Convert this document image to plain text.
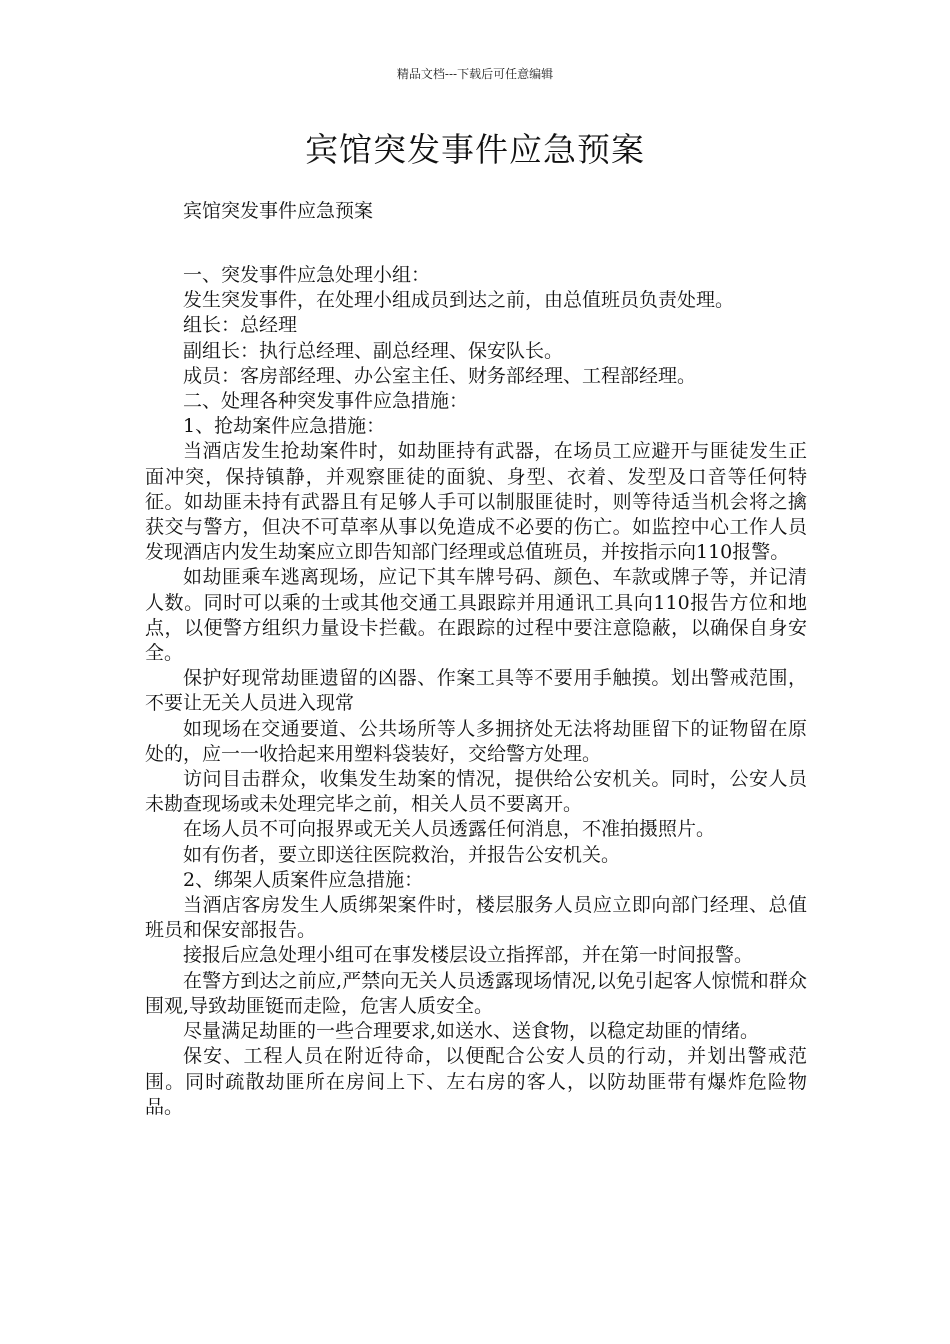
精品文档---下载后可任意编辑
宾馆突发事件应急预案

宾馆突发事件应急预案

一、突发事件应急处理小组：

发生突发事件，在处理小组成员到达之前，由总值班员负责处理。

组长：总经理

副组长：执行总经理、副总经理、保安队长。

成员：客房部经理、办公室主任、财务部经理、工程部经理。

二、处理各种突发事件应急措施：

1、抢劫案件应急措施：

当酒店发生抢劫案件时，如劫匪持有武器，在场员工应避开与匪徒发生正面冲突，保持镇静，并观察匪徒的面貌、身型、衣着、发型及口音等任何特征。如劫匪未持有武器且有足够人手可以制服匪徒时，则等待适当机会将之擒获交与警方，但决不可草率从事以免造成不必要的伤亡。如监控中心工作人员发现酒店内发生劫案应立即告知部门经理或总值班员，并按指示向110报警。

如劫匪乘车逃离现场，应记下其车牌号码、颜色、车款或牌子等，并记清人数。同时可以乘的士或其他交通工具跟踪并用通讯工具向110报告方位和地点，以便警方组织力量设卡拦截。在跟踪的过程中要注意隐蔽，以确保自身安全。

保护好现常劫匪遗留的凶器、作案工具等不要用手触摸。划出警戒范围，不要让无关人员进入现常

如现场在交通要道、公共场所等人多拥挤处无法将劫匪留下的证物留在原处的，应一一收拾起来用塑料袋装好，交给警方处理。

访问目击群众，收集发生劫案的情况，提供给公安机关。同时，公安人员未勘查现场或未处理完毕之前，相关人员不要离开。

在场人员不可向报界或无关人员透露任何消息，不准拍摄照片。

如有伤者，要立即送往医院救治，并报告公安机关。

2、绑架人质案件应急措施：

当酒店客房发生人质绑架案件时，楼层服务人员应立即向部门经理、总值班员和保安部报告。

接报后应急处理小组可在事发楼层设立指挥部，并在第一时间报警。

在警方到达之前应,严禁向无关人员透露现场情况,以免引起客人惊慌和群众围观,导致劫匪铤而走险，危害人质安全。

尽量满足劫匪的一些合理要求,如送水、送食物，以稳定劫匪的情绪。

保安、工程人员在附近待命，以便配合公安人员的行动，并划出警戒范围。同时疏散劫匪所在房间上下、左右房的客人，以防劫匪带有爆炸危险物品。
